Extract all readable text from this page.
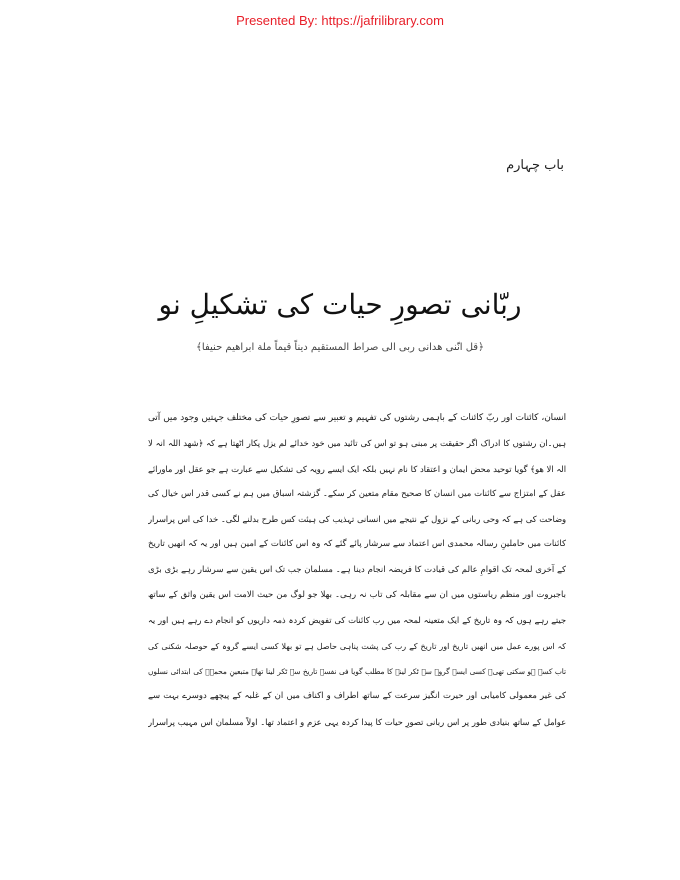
Presented By: https://jafrilibrary.com
باب چہارم
ربّانی تصورِ حیات کی تشکیلِ نو
﴿قل انّنی ھدانی ربی الی صراط المستقیم دیناً قیماً ملة ابراھیم حنیفا﴾
انسان، کائنات اور ربّ کائنات کے باہمی رشتوں کی تفہیم و تعبیر سے تصورِ حیات کی مختلف جہتیں وجود میں آتی
ہیں۔ان رشتوں کا ادراک اگر حقیقت پر مبنی ہو تو اس کی تائید میں خود خدائے لم یزل پکار اٹھتا ہے کہ ﴿شھد اللہ انہ لا
الہ الا ھو﴾ گویا توحید محض ایمان و اعتقاد کا نام نہیں بلکہ ایک ایسے رویہ کی تشکیل سے عبارت ہے جو عقل اور ماورائے
عقل کے امتزاج سے کائنات میں انسان کا صحیح مقام متعین کر سکے۔ گزشتہ اسباق میں ہم نے کسی قدر اس خیال کی
وضاحت کی ہے کہ وحی ربانی کے نزول کے نتیجے میں انسانی تہذیب کی ہیئت کس طرح بدلنے لگی۔ خدا کی اس پراسرار
کائنات میں حاملینِ رسالہ محمدی اس اعتماد سے سرشار پائے گئے کہ وہ اس کائنات کے امین ہیں اور یہ کہ انھیں تاریخ
کے آخری لمحہ تک اقوامِ عالم کی قیادت کا فریضہ انجام دینا ہے۔ مسلمان جب تک اس یقین سے سرشار رہے بڑی بڑی
باجبروت اور منظم ریاستوں میں ان سے مقابلہ کی تاب نہ رہی۔ بھلا جو لوگ من حیث الامت اس یقین واثق کے ساتھ
جیتے رہے ہوں کہ وہ تاریخ کے ایک متعینہ لمحہ میں رب کائنات کی تفویض کردہ ذمہ داریوں کو انجام دے رہے ہیں اور یہ
کہ اس پورے عمل میں انھیں تاریخ اور تاریخ کے رب کی پشت پناہی حاصل ہے تو بھلا کسی ایسے گروہ کے حوصلہ شکنی کی
تاب کسے ہو سکتی تھی۔ کسی ایسے گروہ سے ٹکر لینے کا مطلب گویا فی نفسہ تاریخ سے ٹکر لینا تھا۔ متبعینِ محمدؐ کی ابتدائی نسلوں
کی غیر معمولی کامیابی اور حیرت انگیز سرعت کے ساتھ اطراف و اکناف میں ان کے غلبہ کے پیچھے دوسرے بہت سے
عوامل کے ساتھ بنیادی طور پر اس ربانی تصورِ حیات کا پیدا کردہ یہی عزم و اعتماد تھا۔ اولاً مسلمان اس مہیب پراسرار
